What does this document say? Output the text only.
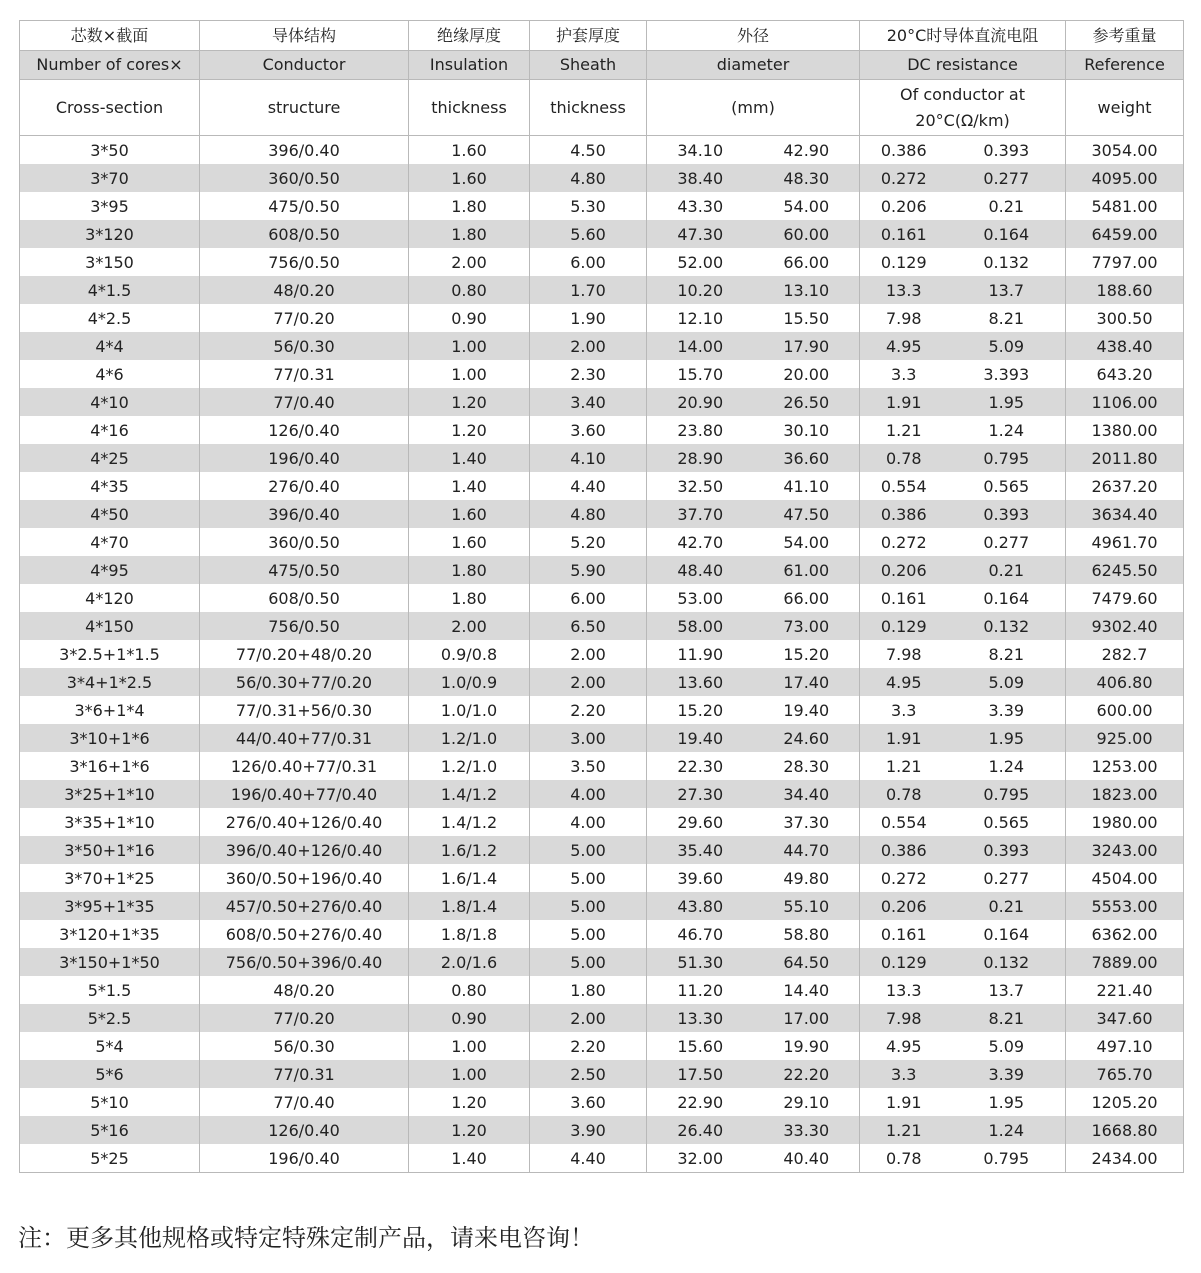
芯数×截面	导体结构	绝缘厚度	护套厚度	外径		20°C时导体直流电阻		参考重量
Number of cores×	Conductor	Insulation	Sheath	diameter		DC resistance		Reference
Cross-section	structure	thickness	thickness	(mm)		Of conductor at 20°C(Ω/km)		weight
3*50	396/0.40	1.60	4.50	34.10	42.90	0.386	0.393	3054.00
3*70	360/0.50	1.60	4.80	38.40	48.30	0.272	0.277	4095.00
3*95	475/0.50	1.80	5.30	43.30	54.00	0.206	0.21	5481.00
3*120	608/0.50	1.80	5.60	47.30	60.00	0.161	0.164	6459.00
3*150	756/0.50	2.00	6.00	52.00	66.00	0.129	0.132	7797.00
4*1.5	48/0.20	0.80	1.70	10.20	13.10	13.3	13.7	188.60
4*2.5	77/0.20	0.90	1.90	12.10	15.50	7.98	8.21	300.50
4*4	56/0.30	1.00	2.00	14.00	17.90	4.95	5.09	438.40
4*6	77/0.31	1.00	2.30	15.70	20.00	3.3	3.393	643.20
4*10	77/0.40	1.20	3.40	20.90	26.50	1.91	1.95	1106.00
4*16	126/0.40	1.20	3.60	23.80	30.10	1.21	1.24	1380.00
4*25	196/0.40	1.40	4.10	28.90	36.60	0.78	0.795	2011.80
4*35	276/0.40	1.40	4.40	32.50	41.10	0.554	0.565	2637.20
4*50	396/0.40	1.60	4.80	37.70	47.50	0.386	0.393	3634.40
4*70	360/0.50	1.60	5.20	42.70	54.00	0.272	0.277	4961.70
4*95	475/0.50	1.80	5.90	48.40	61.00	0.206	0.21	6245.50
4*120	608/0.50	1.80	6.00	53.00	66.00	0.161	0.164	7479.60
4*150	756/0.50	2.00	6.50	58.00	73.00	0.129	0.132	9302.40
3*2.5+1*1.5	77/0.20+48/0.20	0.9/0.8	2.00	11.90	15.20	7.98	8.21	282.7
3*4+1*2.5	56/0.30+77/0.20	1.0/0.9	2.00	13.60	17.40	4.95	5.09	406.80
3*6+1*4	77/0.31+56/0.30	1.0/1.0	2.20	15.20	19.40	3.3	3.39	600.00
3*10+1*6	44/0.40+77/0.31	1.2/1.0	3.00	19.40	24.60	1.91	1.95	925.00
3*16+1*6	126/0.40+77/0.31	1.2/1.0	3.50	22.30	28.30	1.21	1.24	1253.00
3*25+1*10	196/0.40+77/0.40	1.4/1.2	4.00	27.30	34.40	0.78	0.795	1823.00
3*35+1*10	276/0.40+126/0.40	1.4/1.2	4.00	29.60	37.30	0.554	0.565	1980.00
3*50+1*16	396/0.40+126/0.40	1.6/1.2	5.00	35.40	44.70	0.386	0.393	3243.00
3*70+1*25	360/0.50+196/0.40	1.6/1.4	5.00	39.60	49.80	0.272	0.277	4504.00
3*95+1*35	457/0.50+276/0.40	1.8/1.4	5.00	43.80	55.10	0.206	0.21	5553.00
3*120+1*35	608/0.50+276/0.40	1.8/1.8	5.00	46.70	58.80	0.161	0.164	6362.00
3*150+1*50	756/0.50+396/0.40	2.0/1.6	5.00	51.30	64.50	0.129	0.132	7889.00
5*1.5	48/0.20	0.80	1.80	11.20	14.40	13.3	13.7	221.40
5*2.5	77/0.20	0.90	2.00	13.30	17.00	7.98	8.21	347.60
5*4	56/0.30	1.00	2.20	15.60	19.90	4.95	5.09	497.10
5*6	77/0.31	1.00	2.50	17.50	22.20	3.3	3.39	765.70
5*10	77/0.40	1.20	3.60	22.90	29.10	1.91	1.95	1205.20
5*16	126/0.40	1.20	3.90	26.40	33.30	1.21	1.24	1668.80
5*25	196/0.40	1.40	4.40	32.00	40.40	0.78	0.795	2434.00
注：更多其他规格或特定特殊定制产品，请来电咨询！
